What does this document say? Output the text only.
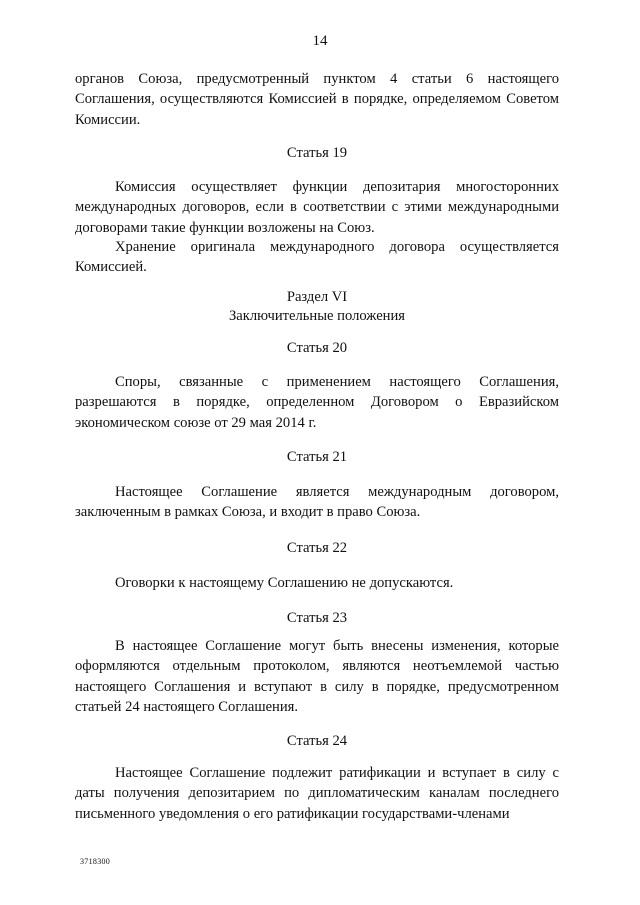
14

органов Союза, предусмотренный пунктом 4 статьи 6 настоящего Соглашения, осуществляются Комиссией в порядке, определяемом Советом Комиссии.

Статья 19

Комиссия осуществляет функции депозитария многосторонних международных договоров, если в соответствии с этими международными договорами такие функции возложены на Союз.

Хранение оригинала международного договора осуществляется Комиссией.

Раздел VI

Заключительные положения

Статья 20

Споры, связанные с применением настоящего Соглашения, разрешаются в порядке, определенном Договором о Евразийском экономическом союзе от 29 мая 2014 г.

Статья 21

Настоящее Соглашение является международным договором, заключенным в рамках Союза, и входит в право Союза.

Статья 22

Оговорки к настоящему Соглашению не допускаются.

Статья 23

В настоящее Соглашение могут быть внесены изменения, которые оформляются отдельным протоколом, являются неотъемлемой частью настоящего Соглашения и вступают в силу в порядке, предусмотренном статьей 24 настоящего Соглашения.

Статья 24

Настоящее Соглашение подлежит ратификации и вступает в силу с даты получения депозитарием по дипломатическим каналам последнего письменного уведомления о его ратификации государствами-членами

3718300
